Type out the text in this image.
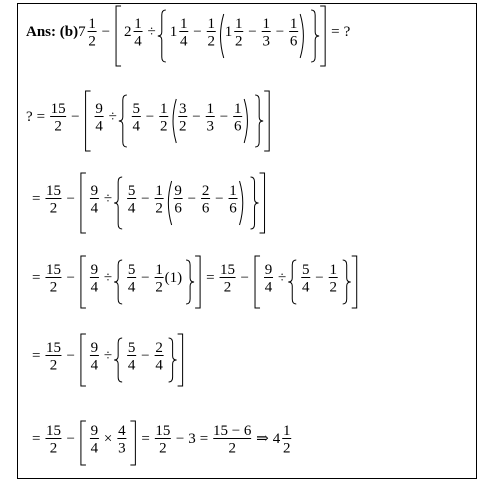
Ans: (b) 7 1
2
− 2 1
4
÷ 1 1
4
− 1
2
1 1
2
− 1
3
− 1
6
= ?
? = 15
2
− 9
4
÷ 5
4
− 1
2
3
2
− 1
3
− 1
6
= 15
2
− 9
4
÷ 5
4
− 1
2
9
6
− 2
6
− 1
6
= 15
2
− 9
4
÷ 5
4
− 1
2
(1) = 15
2
− 9
4
÷ 5
4
− 1
2
= 15
2
− 9
4
÷ 5
4
− 2
4
= 15
2
− 9
4
× 4
3
= 15
2
− 3 = 15 − 6
2
⇒ 4 1
2
